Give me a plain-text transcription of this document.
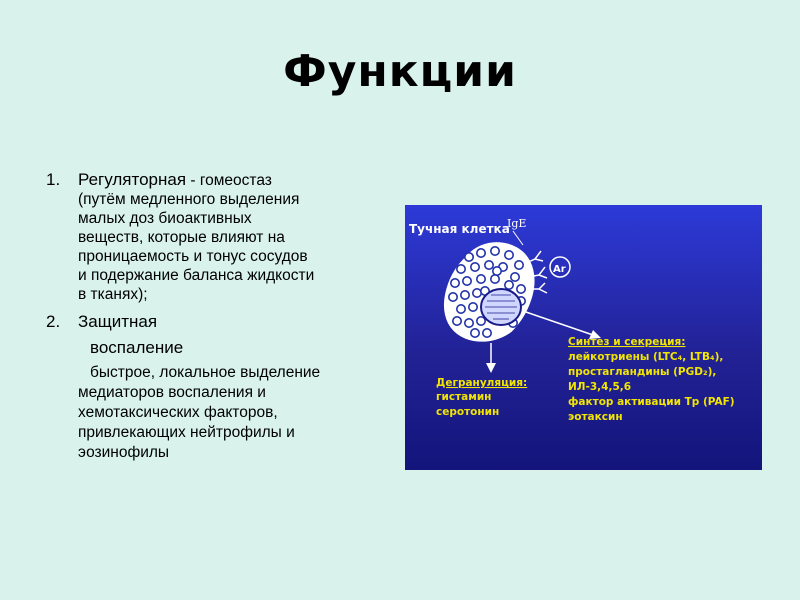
Функции
1. Регуляторная - гомеостаз
(путём медленного выделения
малых доз биоактивных
веществ, которые влияют на
проницаемость и тонус сосудов
и подержание баланса жидкости
в тканях);
2. Защитная
воспаление
быстрое, локальное выделение
медиаторов воспаления и
хемотаксических факторов,
привлекающих нейтрофилы и
эозинофилы
Тучная клетка
IgE
Ar
Дегрануляция:
гистамин
серотонин
Синтез и секреция:
лейкотриены (LTC₄, LTB₄),
простагландины (PGD₂),
ИЛ-3,4,5,6
фактор активации Тр (PAF)
эотаксин
